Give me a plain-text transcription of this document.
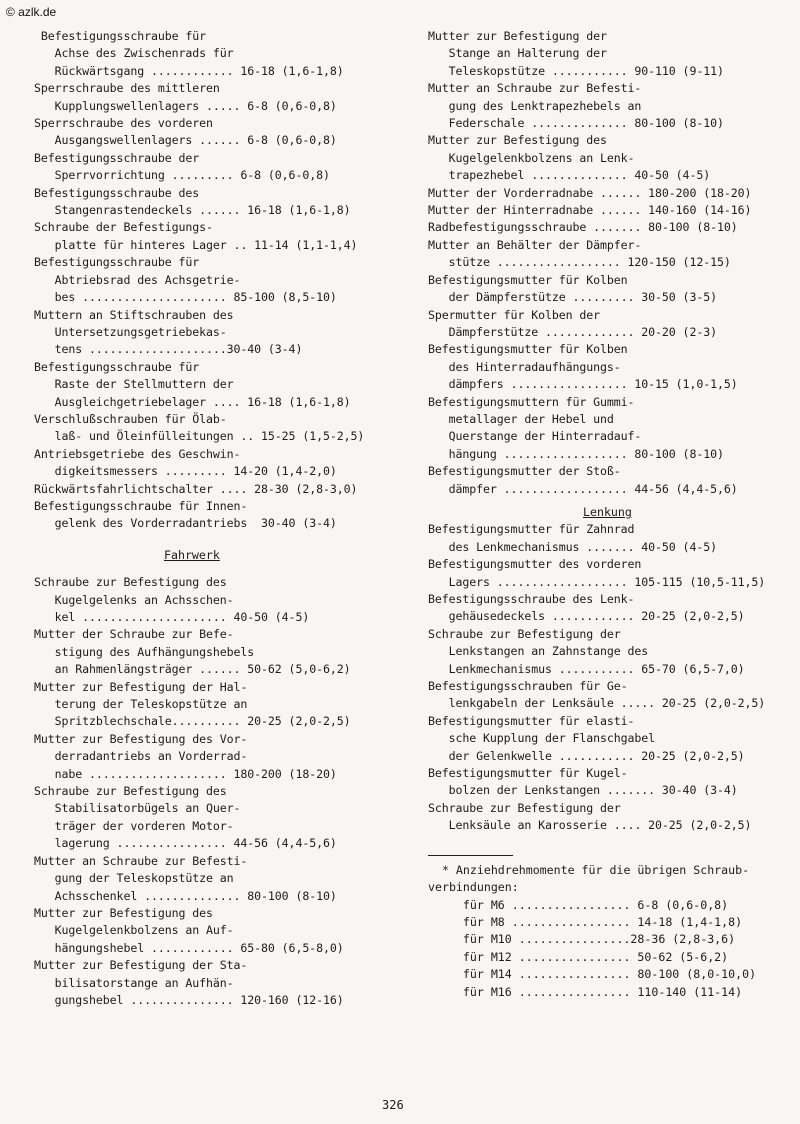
© azlk.de
Befestigungsschraube für
Achse des Zwischenrads für
Rückwärtsgang ............ 16-18 (1,6-1,8)
Sperrschraube des mittleren
Kupplungswellenlagers ..... 6-8 (0,6-0,8)
Sperrschraube des vorderen
Ausgangswellenlagers ...... 6-8 (0,6-0,8)
Befestigungsschraube der
Sperrvorrichtung ......... 6-8 (0,6-0,8)
Befestigungsschraube des
Stangenrastendeckels ...... 16-18 (1,6-1,8)
Schraube der Befestigungs-
platte für hinteres Lager .. 11-14 (1,1-1,4)
Befestigungsschraube für
Abtriebsrad des Achsgetrie-
bes ..................... 85-100 (8,5-10)
Muttern an Stiftschrauben des
Untersetzungsgetriebekas-
tens ....................30-40 (3-4)
Befestigungsschraube für
Raste der Stellmuttern der
Ausgleichgetriebelager .... 16-18 (1,6-1,8)
Verschlußschrauben für Ölab-
laß- und Öleinfülleitungen .. 15-25 (1,5-2,5)
Antriebsgetriebe des Geschwin-
digkeitsmessers ......... 14-20 (1,4-2,0)
Rückwärtsfahrlichtschalter .... 28-30 (2,8-3,0)
Befestigungsschraube für Innen-
gelenk des Vorderradantriebs  30-40 (3-4)
Fahrwerk
Schraube zur Befestigung des
Kugelgelenks an Achsschen-
kel ..................... 40-50 (4-5)
Mutter der Schraube zur Befe-
stigung des Aufhängungshebels
an Rahmenlängsträger ...... 50-62 (5,0-6,2)
Mutter zur Befestigung der Hal-
terung der Teleskopstütze an
Spritzblechschale.......... 20-25 (2,0-2,5)
Mutter zur Befestigung des Vor-
derradantriebs an Vorderrad-
nabe .................... 180-200 (18-20)
Schraube zur Befestigung des
Stabilisatorbügels an Quer-
träger der vorderen Motor-
lagerung ................ 44-56 (4,4-5,6)
Mutter an Schraube zur Befesti-
gung der Teleskopstütze an
Achsschenkel .............. 80-100 (8-10)
Mutter zur Befestigung des
Kugelgelenkbolzens an Auf-
hängungshebel ............ 65-80 (6,5-8,0)
Mutter zur Befestigung der Sta-
bilisatorstange an Aufhän-
gungshebel ............... 120-160 (12-16)
Mutter zur Befestigung der
Stange an Halterung der
Teleskopstütze ........... 90-110 (9-11)
Mutter an Schraube zur Befesti-
gung des Lenktrapezhebels an
Federschale .............. 80-100 (8-10)
Mutter zur Befestigung des
Kugelgelenkbolzens an Lenk-
trapezhebel .............. 40-50 (4-5)
Mutter der Vorderradnabe ...... 180-200 (18-20)
Mutter der Hinterradnabe ...... 140-160 (14-16)
Radbefestigungsschraube ....... 80-100 (8-10)
Mutter an Behälter der Dämpfer-
stütze .................. 120-150 (12-15)
Befestigungsmutter für Kolben
der Dämpferstütze ......... 30-50 (3-5)
Spermutter für Kolben der
Dämpferstütze ............. 20-20 (2-3)
Befestigungsmutter für Kolben
des Hinterradaufhängungs-
dämpfers ................. 10-15 (1,0-1,5)
Befestigungsmuttern für Gummi-
metallager der Hebel und
Querstange der Hinterradauf-
hängung .................. 80-100 (8-10)
Befestigungsmutter der Stoß-
dämpfer .................. 44-56 (4,4-5,6)
Lenkung
Befestigungsmutter für Zahnrad
des Lenkmechanismus ....... 40-50 (4-5)
Befestigungsmutter des vorderen
Lagers ................... 105-115 (10,5-11,5)
Befestigungsschraube des Lenk-
gehäusedeckels ............ 20-25 (2,0-2,5)
Schraube zur Befestigung der
Lenkstangen an Zahnstange des
Lenkmechanismus ........... 65-70 (6,5-7,0)
Befestigungsschrauben für Ge-
lenkgabeln der Lenksäule ..... 20-25 (2,0-2,5)
Befestigungsmutter für elasti-
sche Kupplung der Flanschgabel
der Gelenkwelle ........... 20-25 (2,0-2,5)
Befestigungsmutter für Kugel-
bolzen der Lenkstangen ....... 30-40 (3-4)
Schraube zur Befestigung der
Lenksäule an Karosserie .... 20-25 (2,0-2,5)
* Anziehdrehmomente für die übrigen Schraub-
verbindungen:
für M6 ................. 6-8 (0,6-0,8)
für M8 ................. 14-18 (1,4-1,8)
für M10 ................28-36 (2,8-3,6)
für M12 ................ 50-62 (5-6,2)
für M14 ................ 80-100 (8,0-10,0)
für M16 ................ 110-140 (11-14)
326
